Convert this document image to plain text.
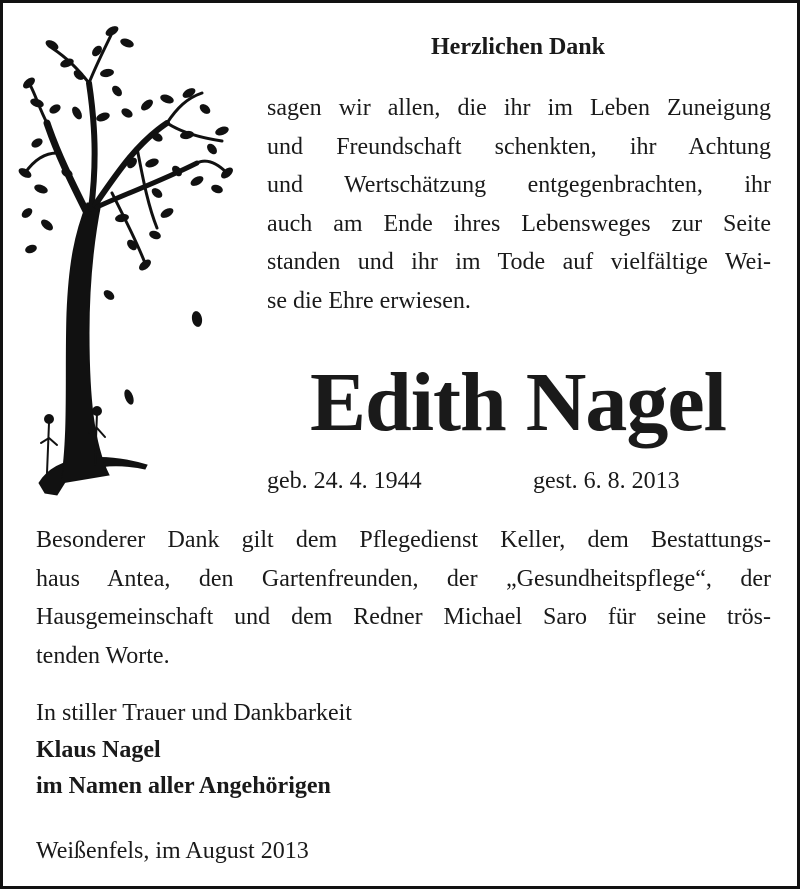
Herzlichen Dank

sagen wir allen, die ihr im Leben Zuneigung
und Freundschaft schenkten, ihr Achtung
und Wertschätzung entgegenbrachten, ihr
auch am Ende ihres Lebensweges zur Seite
standen und ihr im Tode auf vielfältige Wei-
se die Ehre erwiesen.

Edith Nagel

geb. 24. 4. 1944	gest. 6. 8. 2013

Besonderer Dank gilt dem Pflegedienst Keller, dem Bestattungs-
haus Antea, den Gartenfreunden, der „Gesundheitspflege“, der
Hausgemeinschaft und dem Redner Michael Saro für seine trös-
tenden Worte.

In stiller Trauer und Dankbarkeit
Klaus Nagel
im Namen aller Angehörigen

Weißenfels, im August 2013
